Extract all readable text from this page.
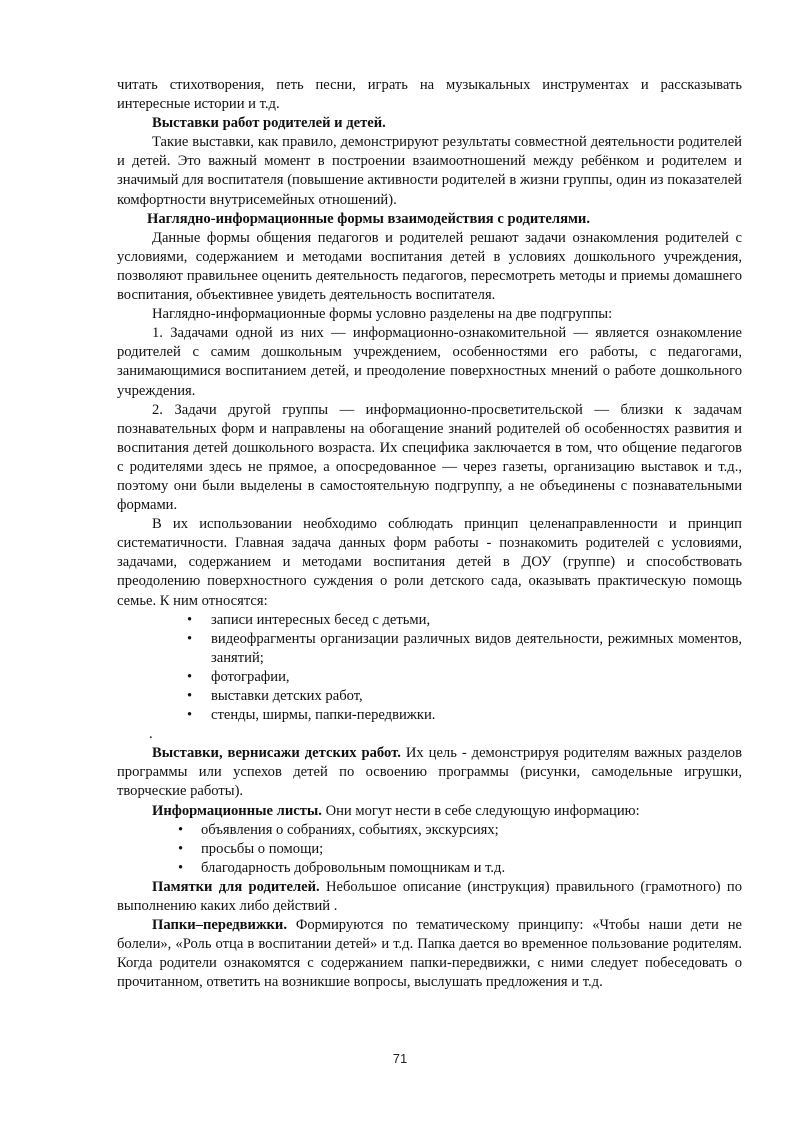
читать стихотворения, петь песни, играть на музыкальных инструментах и рассказывать интересные истории и т.д.

Выставки работ родителей и детей.

Такие выставки, как правило, демонстрируют результаты совместной деятельности родителей и детей. Это важный момент в построении взаимоотношений между ребёнком и родителем и значимый для воспитателя (повышение активности родителей в жизни группы, один из показателей комфортности внутрисемейных отношений).

Наглядно-информационные формы взаимодействия с родителями.

Данные формы общения педагогов и родителей решают задачи ознакомления родителей с условиями, содержанием и методами воспитания детей в условиях дошкольного учреждения, позволяют правильнее оценить деятельность педагогов, пересмотреть методы и приемы домашнего воспитания, объективнее увидеть деятельность воспитателя.

Наглядно-информационные формы условно разделены на две подгруппы:

1. Задачами одной из них — информационно-ознакомительной — является ознакомление родителей с самим дошкольным учреждением, особенностями его работы, с педагогами, занимающимися воспитанием детей, и преодоление поверхностных мнений о работе дошкольного учреждения.

2. Задачи другой группы — информационно-просветительской — близки к задачам познавательных форм и направлены на обогащение знаний родителей об особенностях развития и воспитания детей дошкольного возраста. Их специфика заключается в том, что общение педагогов с родителями здесь не прямое, а опосредованное — через газеты, организацию выставок и т.д., поэтому они были выделены в самостоятельную подгруппу, а не объединены с познавательными формами.

В их использовании необходимо соблюдать принцип целенаправленности и принцип систематичности. Главная задача данных форм работы - познакомить родителей с условиями, задачами, содержанием и методами воспитания детей в ДОУ (группе) и способствовать преодолению поверхностного суждения о роли детского сада, оказывать практическую помощь семье. К ним относятся:

• записи интересных бесед с детьми,
• видеофрагменты организации различных видов деятельности, режимных моментов, занятий;
• фотографии,
• выставки детских работ,
• стенды, ширмы, папки-передвижки.

.

Выставки, вернисажи детских работ. Их цель - демонстрируя родителям важных разделов программы или успехов детей по освоению программы (рисунки, самодельные игрушки, творческие работы).

Информационные листы. Они могут нести в себе следующую информацию:

• объявления о собраниях, событиях, экскурсиях;
• просьбы о помощи;
• благодарность добровольным помощникам и т.д.

Памятки для родителей. Небольшое описание (инструкция) правильного (грамотного) по выполнению каких либо действий .

Папки–передвижки. Формируются по тематическому принципу: «Чтобы наши дети не болели», «Роль отца в воспитании детей» и т.д. Папка дается во временное пользование родителям. Когда родители ознакомятся с содержанием папки-передвижки, с ними следует побеседовать о прочитанном, ответить на возникшие вопросы, выслушать предложения и т.д.

71
